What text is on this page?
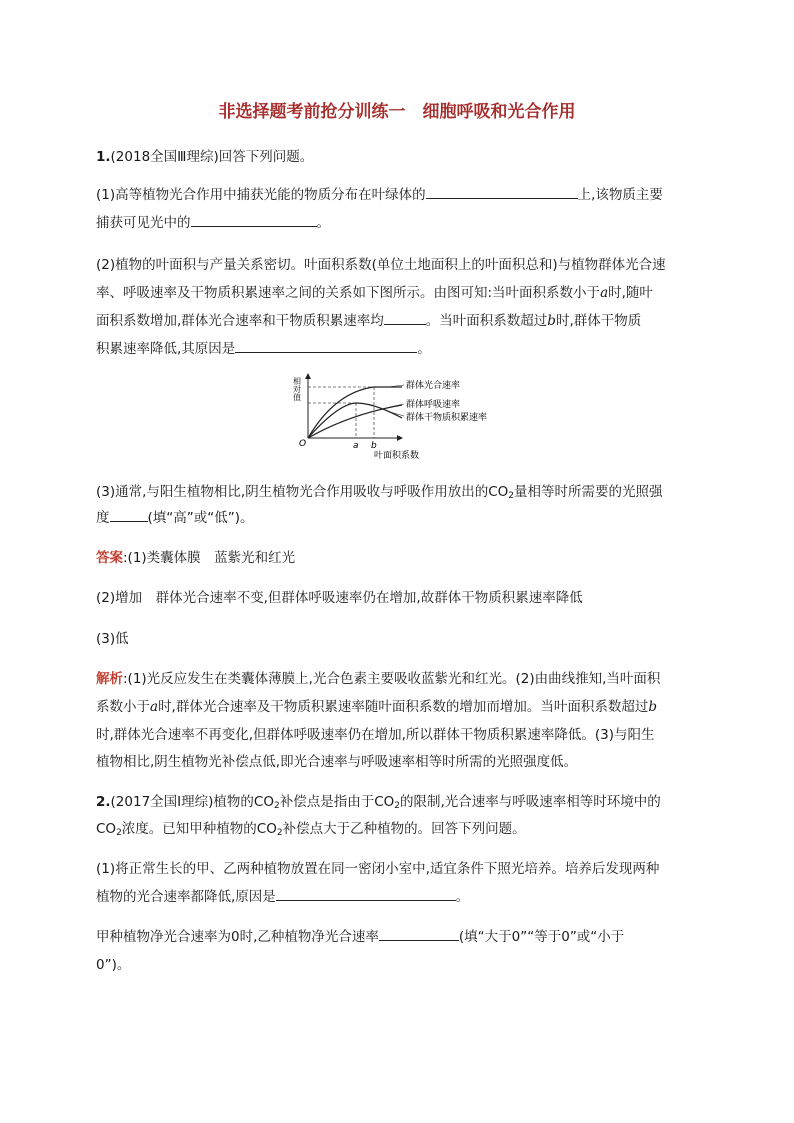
非选择题考前抢分训练一　细胞呼吸和光合作用
1.(2018全国Ⅲ理综)回答下列问题。
(1)高等植物光合作用中捕获光能的物质分布在叶绿体的	上,该物质主要
捕获可见光中的	。
(2)植物的叶面积与产量关系密切。叶面积系数(单位土地面积上的叶面积总和)与植物群体光合速
率、呼吸速率及干物质积累速率之间的关系如下图所示。由图可知:当叶面积系数小于a时,随叶
面积系数增加,群体光合速率和干物质积累速率均	。当叶面积系数超过b时,群体干物质
积累速率降低,其原因是	。
相
对
值
O
群体光合速率
群体呼吸速率
群体干物质积累速率
a b
叶面积系数
(3)通常,与阳生植物相比,阴生植物光合作用吸收与呼吸作用放出的$CO_2$量相等时所需要的光照强
度	(填“高”或“低”)。
答案:(1)类囊体膜　蓝紫光和红光
(2)增加　群体光合速率不变,但群体呼吸速率仍在增加,故群体干物质积累速率降低
(3)低
解析:(1)光反应发生在类囊体薄膜上,光合色素主要吸收蓝紫光和红光。(2)由曲线推知,当叶面积
系数小于a时,群体光合速率及干物质积累速率随叶面积系数的增加而增加。当叶面积系数超过b
时,群体光合速率不再变化,但群体呼吸速率仍在增加,所以群体干物质积累速率降低。(3)与阳生
植物相比,阴生植物光补偿点低,即光合速率与呼吸速率相等时所需的光照强度低。
2.(2017全国Ⅰ理综)植物的$CO_2$补偿点是指由于$CO_2$的限制,光合速率与呼吸速率相等时环境中的
$CO_2$浓度。已知甲种植物的$CO_2$补偿点大于乙种植物的。回答下列问题。
(1)将正常生长的甲、乙两种植物放置在同一密闭小室中,适宜条件下照光培养。培养后发现两种
植物的光合速率都降低,原因是	。
甲种植物净光合速率为0时,乙种植物净光合速率	(填“大于0”“等于0”或“小于
0”)。
